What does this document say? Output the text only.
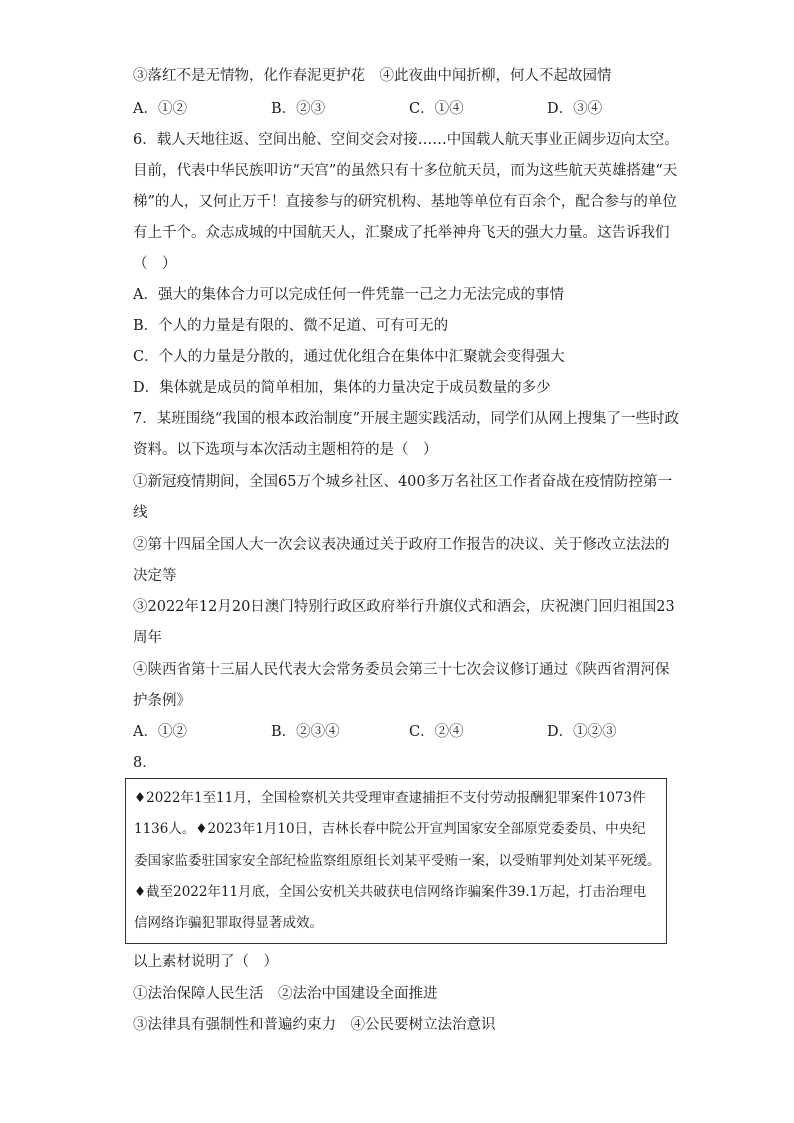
③落红不是无情物，化作春泥更护花　④此夜曲中闻折柳，何人不起故园情
A．①②	B．②③	C．①④	D．③④
6．载人天地往返、空间出舱、空间交会对接……中国载人航天事业正阔步迈向太空。
目前，代表中华民族叩访“天宫”的虽然只有十多位航天员，而为这些航天英雄搭建“天
梯”的人，又何止万千！直接参与的研究机构、基地等单位有百余个，配合参与的单位
有上千个。众志成城的中国航天人，汇聚成了托举神舟飞天的强大力量。这告诉我们
（　）
A．强大的集体合力可以完成任何一件凭靠一己之力无法完成的事情
B．个人的力量是有限的、微不足道、可有可无的
C．个人的力量是分散的，通过优化组合在集体中汇聚就会变得强大
D．集体就是成员的简单相加，集体的力量决定于成员数量的多少
7．某班围绕“我国的根本政治制度”开展主题实践活动，同学们从网上搜集了一些时政
资料。以下选项与本次活动主题相符的是（　）
①新冠疫情期间，全国65万个城乡社区、400多万名社区工作者奋战在疫情防控第一
线
②第十四届全国人大一次会议表决通过关于政府工作报告的决议、关于修改立法法的
决定等
③2022年12月20日澳门特别行政区政府举行升旗仪式和酒会，庆祝澳门回归祖国23
周年
④陕西省第十三届人民代表大会常务委员会第三十七次会议修订通过《陕西省渭河保
护条例》
A．①②	B．②③④	C．②④	D．①②③
8．
♦2022年1至11月，全国检察机关共受理审查逮捕拒不支付劳动报酬犯罪案件1073件
1136人。♦2023年1月10日，吉林长春中院公开宣判国家安全部原党委委员、中央纪
委国家监委驻国家安全部纪检监察组原组长刘某平受贿一案，以受贿罪判处刘某平死缓。
♦截至2022年11月底，全国公安机关共破获电信网络诈骗案件39.1万起，打击治理电
信网络诈骗犯罪取得显著成效。
以上素材说明了（　）
①法治保障人民生活　②法治中国建设全面推进
③法律具有强制性和普遍约束力　④公民要树立法治意识
